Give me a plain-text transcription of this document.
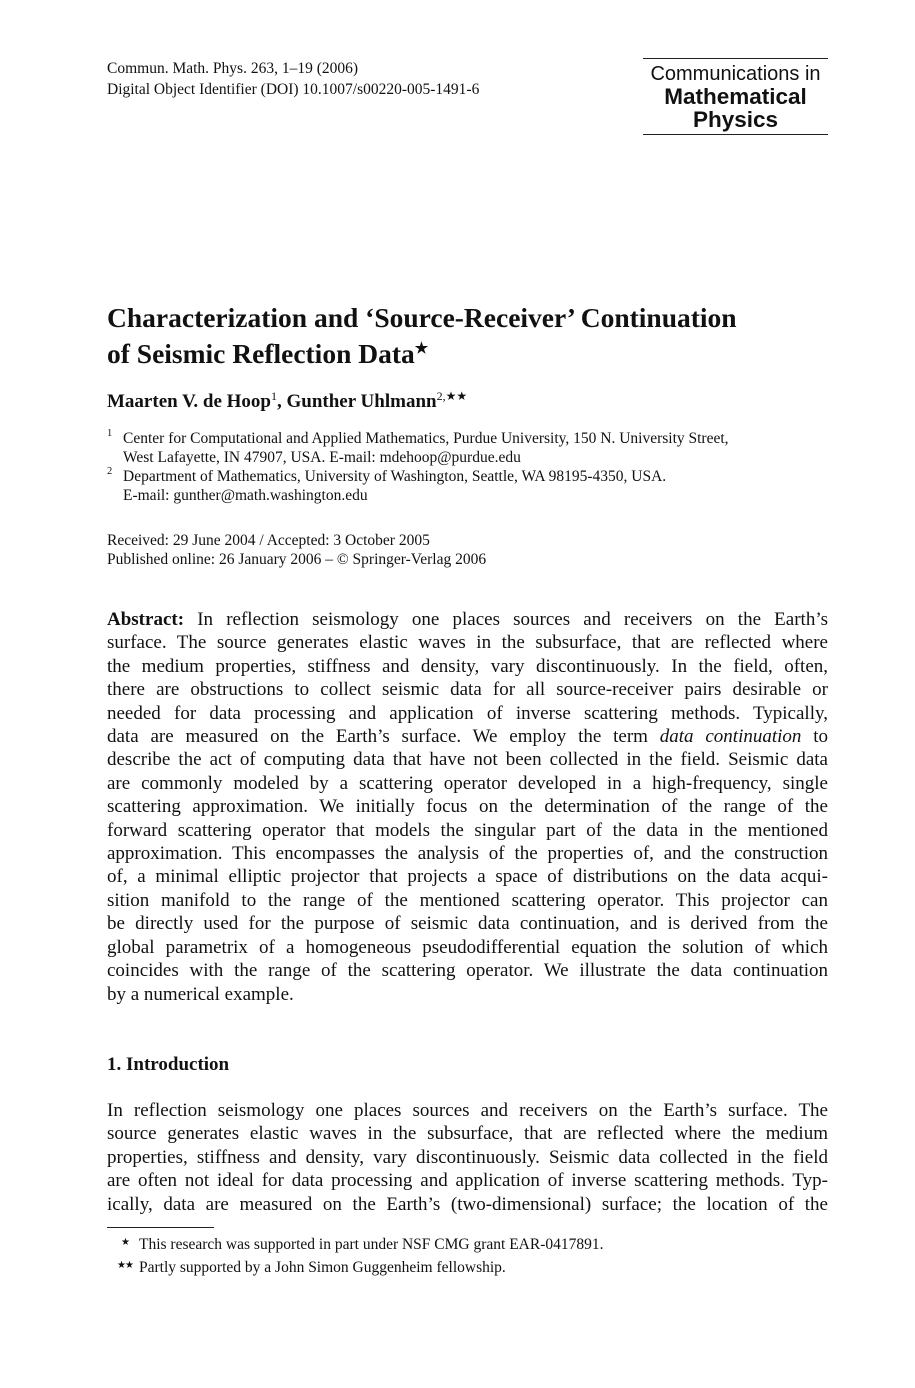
Commun. Math. Phys. 263, 1–19 (2006)
Digital Object Identifier (DOI) 10.1007/s00220-005-1491-6
Communications in
Mathematical
Physics
Characterization and ‘Source-Receiver’ Continuation
of Seismic Reflection Data★
Maarten V. de Hoop$^1$, Gunther Uhlmann$^{2,★★}$
1 Center for Computational and Applied Mathematics, Purdue University, 150 N. University Street,
West Lafayette, IN 47907, USA. E-mail: mdehoop@purdue.edu
2 Department of Mathematics, University of Washington, Seattle, WA 98195-4350, USA.
E-mail: gunther@math.washington.edu
Received: 29 June 2004 / Accepted: 3 October 2005
Published online: 26 January 2006 – © Springer-Verlag 2006
Abstract: In reflection seismology one places sources and receivers on the Earth’s
surface. The source generates elastic waves in the subsurface, that are reflected where
the medium properties, stiffness and density, vary discontinuously. In the field, often,
there are obstructions to collect seismic data for all source-receiver pairs desirable or
needed for data processing and application of inverse scattering methods. Typically,
data are measured on the Earth’s surface. We employ the term data continuation to
describe the act of computing data that have not been collected in the field. Seismic data
are commonly modeled by a scattering operator developed in a high-frequency, single
scattering approximation. We initially focus on the determination of the range of the
forward scattering operator that models the singular part of the data in the mentioned
approximation. This encompasses the analysis of the properties of, and the construction
of, a minimal elliptic projector that projects a space of distributions on the data acqui-
sition manifold to the range of the mentioned scattering operator. This projector can
be directly used for the purpose of seismic data continuation, and is derived from the
global parametrix of a homogeneous pseudodifferential equation the solution of which
coincides with the range of the scattering operator. We illustrate the data continuation
by a numerical example.
1. Introduction
In reflection seismology one places sources and receivers on the Earth’s surface. The
source generates elastic waves in the subsurface, that are reflected where the medium
properties, stiffness and density, vary discontinuously. Seismic data collected in the field
are often not ideal for data processing and application of inverse scattering methods. Typ-
ically, data are measured on the Earth’s (two-dimensional) surface; the location of the
★ This research was supported in part under NSF CMG grant EAR-0417891.
★★ Partly supported by a John Simon Guggenheim fellowship.
